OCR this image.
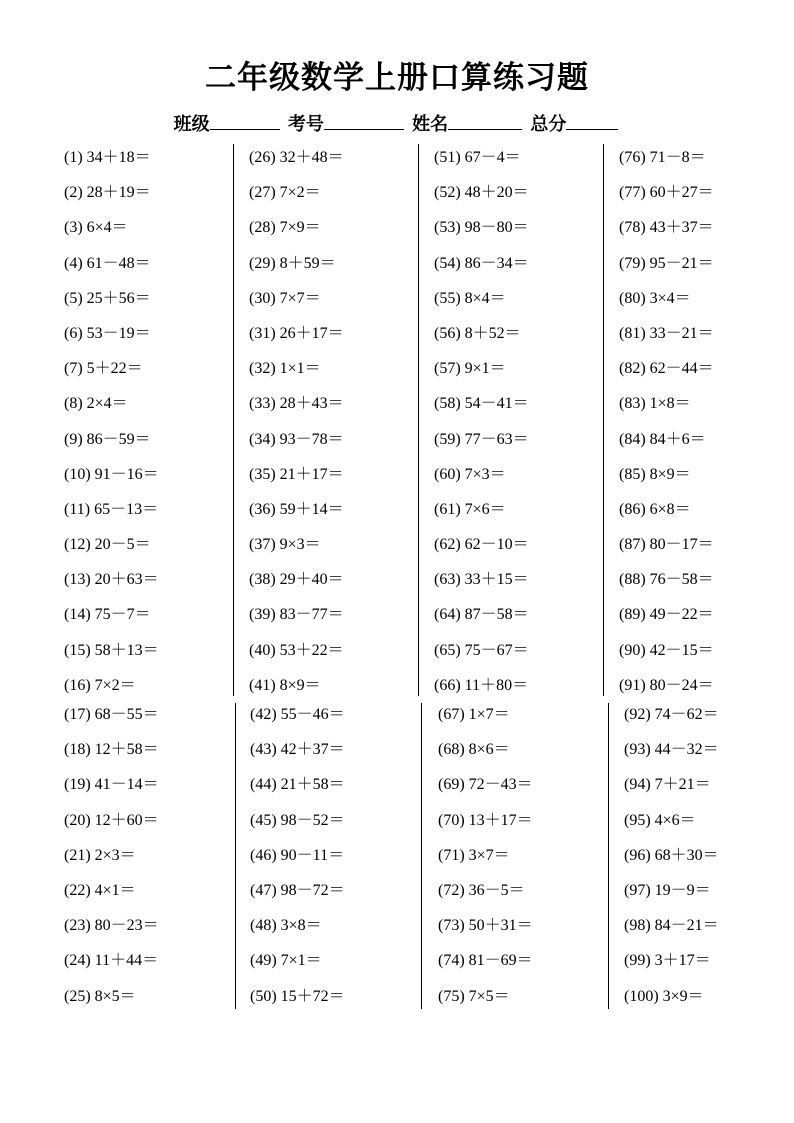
二年级数学上册口算练习题
班级	考号	姓名	总分
(1) 34＋18＝
(2) 28＋19＝
(3) 6×4＝
(4) 61－48＝
(5) 25＋56＝
(6) 53－19＝
(7) 5＋22＝
(8) 2×4＝
(9) 86－59＝
(10) 91－16＝
(11) 65－13＝
(12) 20－5＝
(13) 20＋63＝
(14) 75－7＝
(15) 58＋13＝
(16) 7×2＝
(26) 32＋48＝
(27) 7×2＝
(28) 7×9＝
(29) 8＋59＝
(30) 7×7＝
(31) 26＋17＝
(32) 1×1＝
(33) 28＋43＝
(34) 93－78＝
(35) 21＋17＝
(36) 59＋14＝
(37) 9×3＝
(38) 29＋40＝
(39) 83－77＝
(40) 53＋22＝
(41) 8×9＝
(51) 67－4＝
(52) 48＋20＝
(53) 98－80＝
(54) 86－34＝
(55) 8×4＝
(56) 8＋52＝
(57) 9×1＝
(58) 54－41＝
(59) 77－63＝
(60) 7×3＝
(61) 7×6＝
(62) 62－10＝
(63) 33＋15＝
(64) 87－58＝
(65) 75－67＝
(66) 11＋80＝
(76) 71－8＝
(77) 60＋27＝
(78) 43＋37＝
(79) 95－21＝
(80) 3×4＝
(81) 33－21＝
(82) 62－44＝
(83) 1×8＝
(84) 84＋6＝
(85) 8×9＝
(86) 6×8＝
(87) 80－17＝
(88) 76－58＝
(89) 49－22＝
(90) 42－15＝
(91) 80－24＝
(17) 68－55＝
(18) 12＋58＝
(19) 41－14＝
(20) 12＋60＝
(21) 2×3＝
(22) 4×1＝
(23) 80－23＝
(24) 11＋44＝
(25) 8×5＝
(42) 55－46＝
(43) 42＋37＝
(44) 21＋58＝
(45) 98－52＝
(46) 90－11＝
(47) 98－72＝
(48) 3×8＝
(49) 7×1＝
(50) 15＋72＝
(67) 1×7＝
(68) 8×6＝
(69) 72－43＝
(70) 13＋17＝
(71) 3×7＝
(72) 36－5＝
(73) 50＋31＝
(74) 81－69＝
(75) 7×5＝
(92) 74－62＝
(93) 44－32＝
(94) 7＋21＝
(95) 4×6＝
(96) 68＋30＝
(97) 19－9＝
(98) 84－21＝
(99) 3＋17＝
(100) 3×9＝
